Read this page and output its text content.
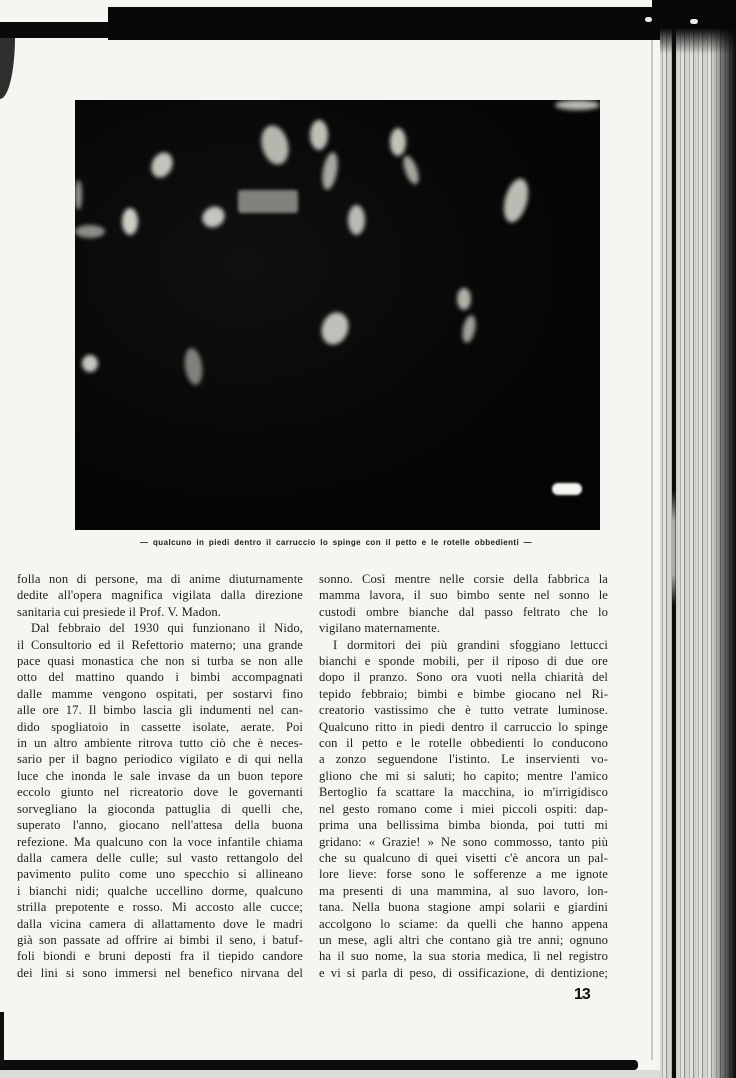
— qualcuno in piedi dentro il carruccio lo spinge con il petto e le rotelle obbedienti —
folla non di persone, ma di anime diuturnamente
dedite all'opera magnifica vigilata dalla direzione
sanitaria cui presiede il Prof. V. Madon.
Dal febbraio del 1930 qui funzionano il Nido,
il Consultorio ed il Refettorio materno; una grande
pace quasi monastica che non si turba se non alle
otto del mattino quando i bimbi accompagnati
dalle mamme vengono ospitati, per sostarvi fino
alle ore 17. Il bimbo lascia gli indumenti nel can-
dido spogliatoio in cassette isolate, aerate. Poi
in un altro ambiente ritrova tutto ciò che è neces-
sario per il bagno periodico vigilato e di qui nella
luce che inonda le sale invase da un buon tepore
eccolo giunto nel ricreatorio dove le governanti
sorvegliano la gioconda pattuglia di quelli che,
superato l'anno, giocano nell'attesa della buona
refezione. Ma qualcuno con la voce infantile chiama
dalla camera delle culle; sul vasto rettangolo del
pavimento pulito come uno specchio si allineano
i bianchi nidi; qualche uccellino dorme, qualcuno
strilla prepotente e rosso. Mi accosto alle cucce;
dalla vicina camera di allattamento dove le madri
già son passate ad offrire ai bimbi il seno, i batuf-
foli biondi e bruni deposti fra il tiepido candore
dei lini si sono immersi nel benefico nirvana del
sonno. Così mentre nelle corsie della fabbrica la
mamma lavora, il suo bimbo sente nel sonno le
custodi ombre bianche dal passo feltrato che lo
vigilano maternamente.
I dormitori dei più grandini sfoggiano lettucci
bianchi e sponde mobili, per il riposo di due ore
dopo il pranzo. Sono ora vuoti nella chiarità del
tepido febbraio; bimbi e bimbe giocano nel Ri-
creatorio vastissimo che è tutto vetrate luminose.
Qualcuno ritto in piedi dentro il carruccio lo spinge
con il petto e le rotelle obbedienti lo conducono
a zonzo seguendone l'istinto. Le inservienti vo-
gliono che mi si saluti; ho capito; mentre l'amico
Bertoglio fa scattare la macchina, io m'irrigidisco
nel gesto romano come i miei piccoli ospiti: dap-
prima una bellissima bimba bionda, poi tutti mi
gridano: « Grazie! » Ne sono commosso, tanto più
che su qualcuno di quei visetti c'è ancora un pal-
lore lieve: forse sono le sofferenze a me ignote
ma presenti di una mammina, al suo lavoro, lon-
tana. Nella buona stagione ampi solarii e giardini
accolgono lo sciame: da quelli che hanno appena
un mese, agli altri che contano già tre anni; ognuno
ha il suo nome, la sua storia medica, lì nel registro
e vi si parla di peso, di ossificazione, di dentizione;
13
